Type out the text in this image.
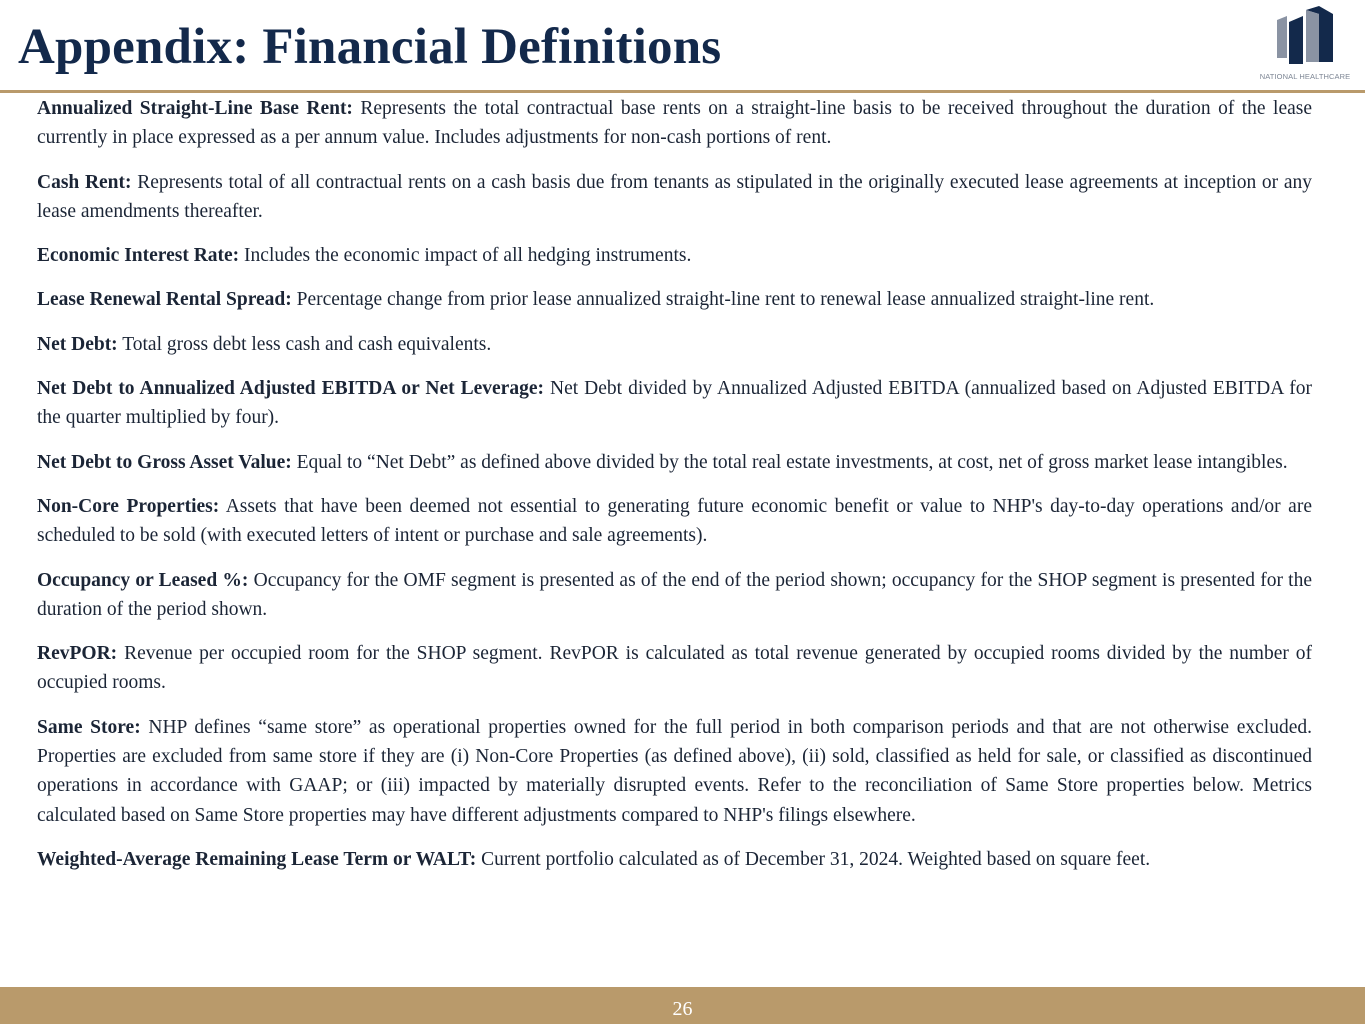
Appendix: Financial Definitions
NATIONAL HEALTHCARE

Annualized Straight-Line Base Rent: Represents the total contractual base rents on a straight-line basis to be received throughout the duration of the lease currently in place expressed as a per annum value. Includes adjustments for non-cash portions of rent.

Cash Rent: Represents total of all contractual rents on a cash basis due from tenants as stipulated in the originally executed lease agreements at inception or any lease amendments thereafter.

Economic Interest Rate: Includes the economic impact of all hedging instruments.

Lease Renewal Rental Spread: Percentage change from prior lease annualized straight-line rent to renewal lease annualized straight-line rent.

Net Debt: Total gross debt less cash and cash equivalents.

Net Debt to Annualized Adjusted EBITDA or Net Leverage: Net Debt divided by Annualized Adjusted EBITDA (annualized based on Adjusted EBITDA for the quarter multiplied by four).

Net Debt to Gross Asset Value: Equal to “Net Debt” as defined above divided by the total real estate investments, at cost, net of gross market lease intangibles.

Non-Core Properties: Assets that have been deemed not essential to generating future economic benefit or value to NHP's day-to-day operations and/or are scheduled to be sold (with executed letters of intent or purchase and sale agreements).

Occupancy or Leased %: Occupancy for the OMF segment is presented as of the end of the period shown; occupancy for the SHOP segment is presented for the duration of the period shown.

RevPOR: Revenue per occupied room for the SHOP segment. RevPOR is calculated as total revenue generated by occupied rooms divided by the number of occupied rooms.

Same Store: NHP defines “same store” as operational properties owned for the full period in both comparison periods and that are not otherwise excluded. Properties are excluded from same store if they are (i) Non-Core Properties (as defined above), (ii) sold, classified as held for sale, or classified as discontinued operations in accordance with GAAP; or (iii) impacted by materially disrupted events. Refer to the reconciliation of Same Store properties below. Metrics calculated based on Same Store properties may have different adjustments compared to NHP's filings elsewhere.

Weighted-Average Remaining Lease Term or WALT: Current portfolio calculated as of December 31, 2024. Weighted based on square feet.

26
